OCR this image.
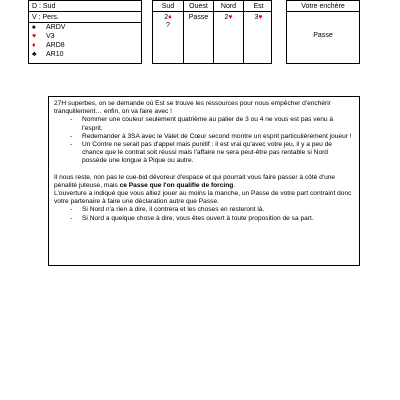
D : Sud
V : Pers.
♠ ARDV
♥ V3
♦ ARD8
♣ AR10
Sud
2♦
?
Ouest
Passe
Nord
2♥
Est
3♥
Votre enchère
Passe

27H superbes, on se demande où Est se trouve les ressources pour nous empêcher d'enchérir tranquillement… enfin, on va faire avec !

- Nommer une couleur seulement quatrième au palier de 3 ou 4 ne vous est pas venu à l'esprit.
- Redemander à 3SA avec le Valet de Cœur second montre un esprit particulièrement joueur !
- Un Contre ne serait pas d'appel mais punitif : il est vrai qu'avec votre jeu, il y a peu de chance que le contrat soit réussi mais l'affaire ne sera peut-être pas rentable si Nord possède une longue à Pique ou autre.

Il nous reste, non pas le cue-bid dévoreur d'espace et qui pourrait vous faire passer à côté d'une pénalité juteuse, mais ce Passe que l'on qualifie de forcing.

L'ouverture a indiqué que vous alliez jouer au moins la manche, un Passe de votre part contraint donc votre partenaire à faire une déclaration autre que Passe.

- Si Nord n'a rien à dire, il contrera et les choses en resteront là.
- Si Nord a quelque chose à dire, vous êtes ouvert à toute proposition de sa part.
